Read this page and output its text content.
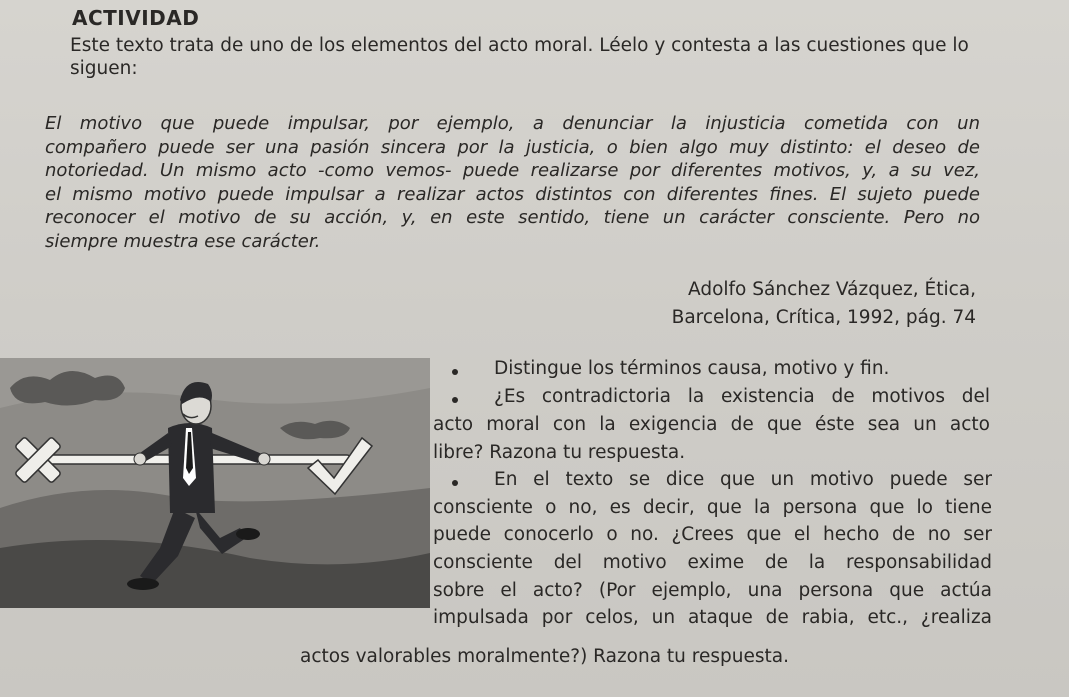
ACTIVIDAD
Este texto trata de uno de los elementos del acto moral. Léelo y contesta a las cuestiones que lo siguen:
El motivo que puede impulsar, por ejemplo, a denunciar la injusticia cometida con un
compañero puede ser una pasión sincera por la justicia, o bien algo muy distinto: el deseo de
notoriedad. Un mismo acto -como vemos- puede realizarse por diferentes motivos, y, a su vez,
el mismo motivo puede impulsar a realizar actos distintos con diferentes fines. El sujeto puede
reconocer el motivo de su acción, y, en este sentido, tiene un carácter consciente. Pero no
siempre muestra ese carácter.
Adolfo Sánchez Vázquez, Ética,
Barcelona, Crítica, 1992, pág. 74

Distingue los términos causa, motivo y fin.

¿Es contradictoria la existencia de motivos del

acto moral con la exigencia de que éste sea un acto

libre? Razona tu respuesta.

En el texto se dice que un motivo puede ser

consciente o no, es decir, que la persona que lo tiene

puede conocerlo o no. ¿Crees que el hecho de no ser

consciente del motivo exime de la responsabilidad

sobre el acto? (Por ejemplo, una persona que actúa

impulsada por celos, un ataque de rabia, etc., ¿realiza

actos valorables moralmente?) Razona tu respuesta.
